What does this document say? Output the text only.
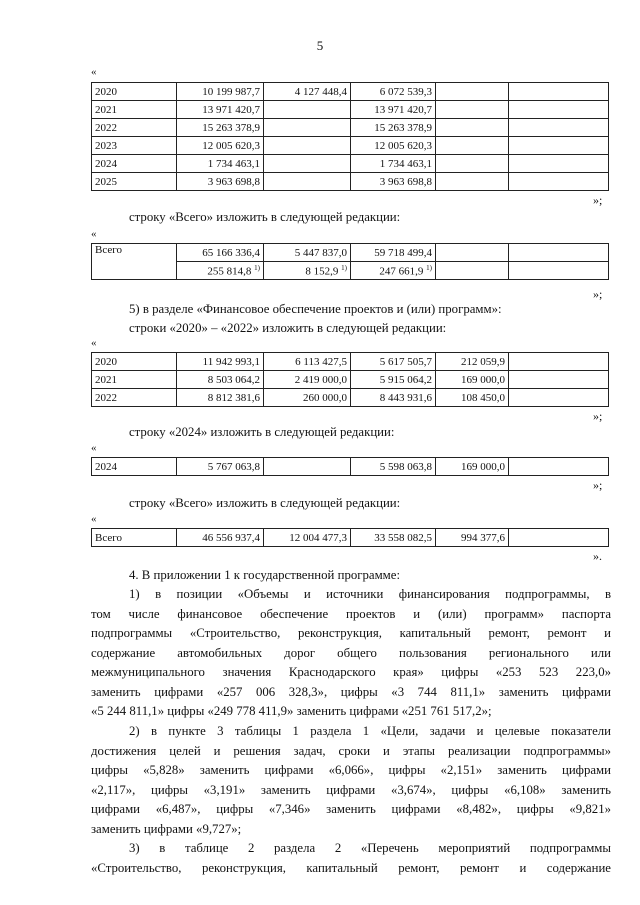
5
«
2020	10 199 987,7	4 127 448,4	6 072 539,3		
2021	13 971 420,7		13 971 420,7		
2022	15 263 378,9		15 263 378,9		
2023	12 005 620,3		12 005 620,3		
2024	1 734 463,1		1 734 463,1		
2025	3 963 698,8		3 963 698,8		
»;
строку «Всего» изложить в следующей редакции:
«
Всего	65 166 336,4	5 447 837,0	59 718 499,4		
	255 814,8 $^{1)}$	8 152,9 $^{1)}$	247 661,9 $^{1)}$		
»;
5) в разделе «Финансовое обеспечение проектов и (или) программ»:
строки «2020» – «2022» изложить в следующей редакции:
«
2020	11 942 993,1	6 113 427,5	5 617 505,7	212 059,9	
2021	8 503 064,2	2 419 000,0	5 915 064,2	169 000,0	
2022	8 812 381,6	260 000,0	8 443 931,6	108 450,0	
»;
строку «2024» изложить в следующей редакции:
«
2024	5 767 063,8		5 598 063,8	169 000,0	
»;
строку «Всего» изложить в следующей редакции:
«
Всего	46 556 937,4	12 004 477,3	33 558 082,5	994 377,6	
».
4. В приложении 1 к государственной программе:
1) в позиции «Объемы и источники финансирования подпрограммы, в
том числе финансовое обеспечение проектов и (или) программ» паспорта
подпрограммы «Строительство, реконструкция, капитальный ремонт, ремонт и
содержание автомобильных дорог общего пользования регионального или
межмуниципального значения Краснодарского края» цифры «253 523 223,0»
заменить цифрами «257 006 328,3», цифры «3 744 811,1» заменить цифрами
«5 244 811,1» цифры «249 778 411,9» заменить цифрами «251 761 517,2»;
2) в пункте 3 таблицы 1 раздела 1 «Цели, задачи и целевые показатели
достижения целей и решения задач, сроки и этапы реализации подпрограммы»
цифры «5,828» заменить цифрами «6,066», цифры «2,151» заменить цифрами
«2,117», цифры «3,191» заменить цифрами «3,674», цифры «6,108» заменить
цифрами «6,487», цифры «7,346» заменить цифрами «8,482», цифры «9,821»
заменить цифрами «9,727»;
3) в таблице 2 раздела 2 «Перечень мероприятий подпрограммы
«Строительство, реконструкция, капитальный ремонт, ремонт и содержание
